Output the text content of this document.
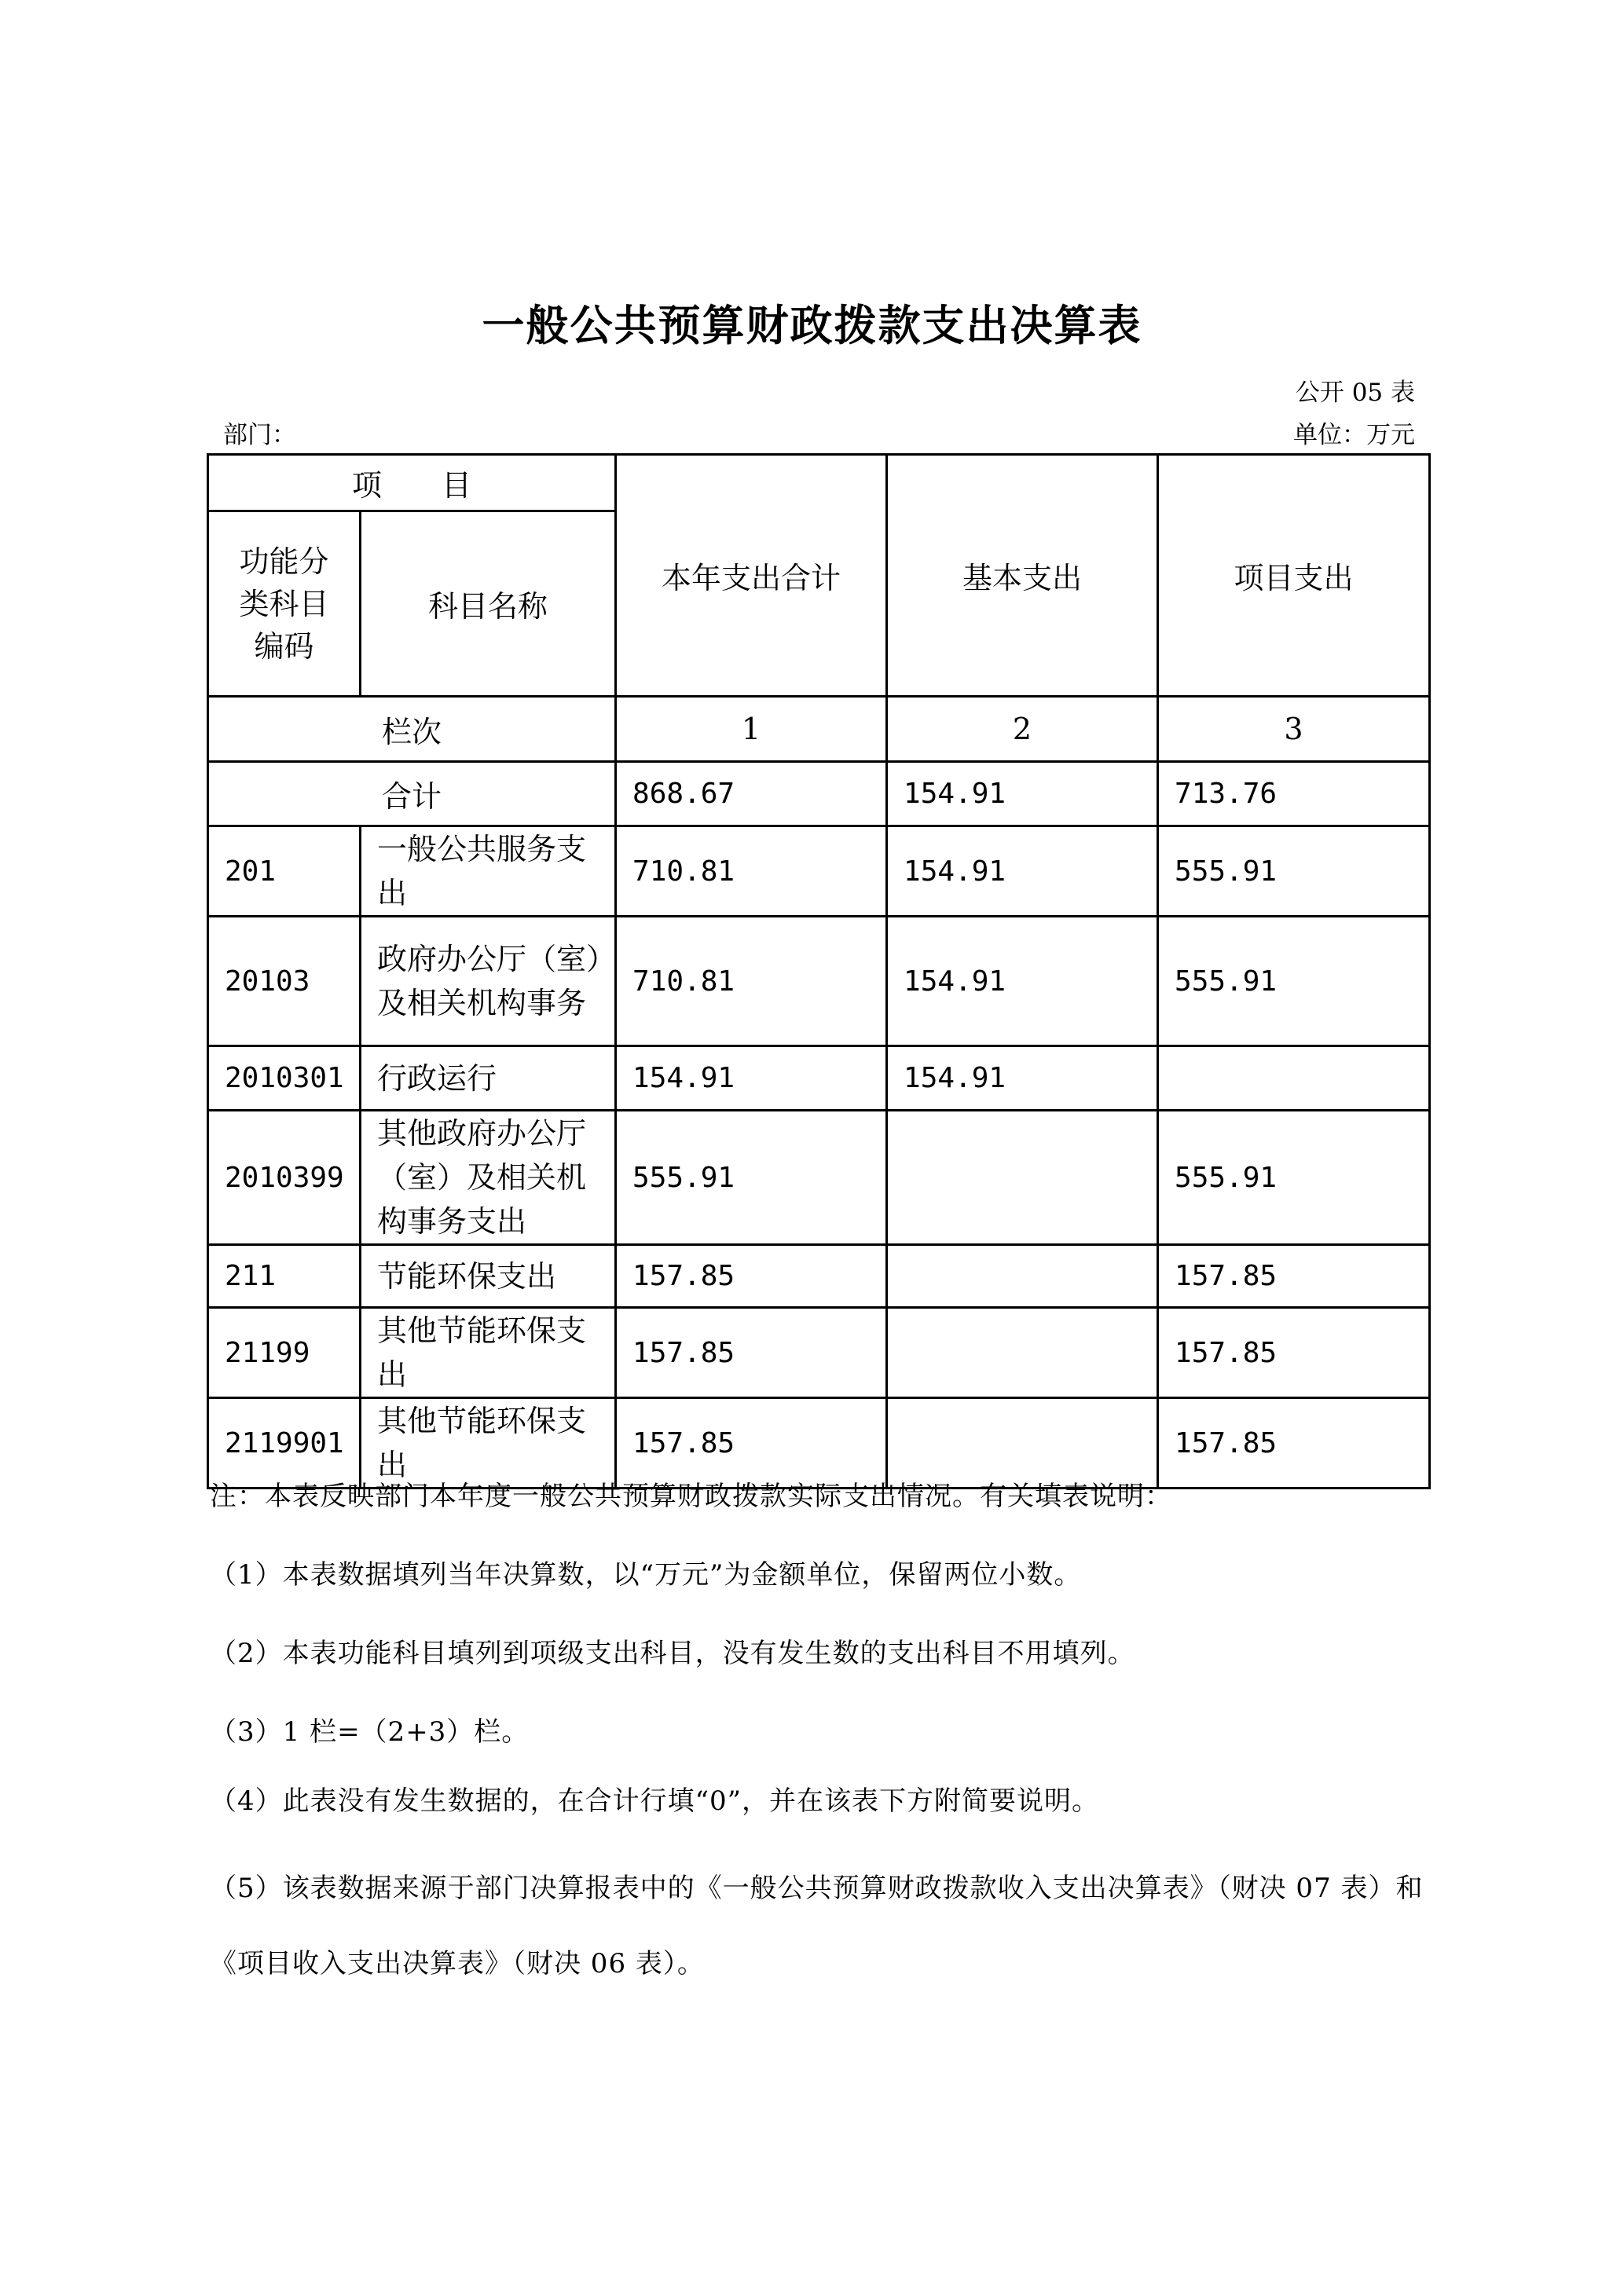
一般公共预算财政拨款支出决算表
公开 05 表
部门：	单位：万元
项　　目		本年支出合计	基本支出	项目支出

功能分类科目编码	科目名称			
栏次		1	2	3
合计		868.67	154.91	713.76
201	一般公共服务支出	710.81	154.91	555.91
20103	政府办公厅（室）及相关机构事务	710.81	154.91	555.91
2010301	行政运行	154.91	154.91	
2010399	其他政府办公厅（室）及相关机构事务支出	555.91		555.91
211	节能环保支出	157.85		157.85
21199	其他节能环保支出	157.85		157.85
2119901	其他节能环保支出	157.85		157.85
注：本表反映部门本年度一般公共预算财政拨款实际支出情况。有关填表说明：
（1）本表数据填列当年决算数，以“万元”为金额单位，保留两位小数。
（2）本表功能科目填列到项级支出科目，没有发生数的支出科目不用填列。
（3）1 栏=（2+3）栏。
（4）此表没有发生数据的，在合计行填“0”，并在该表下方附简要说明。
（5）该表数据来源于部门决算报表中的《一般公共预算财政拨款收入支出决算表》（财决 07 表）和《项目收入支出决算表》（财决 06 表）。
